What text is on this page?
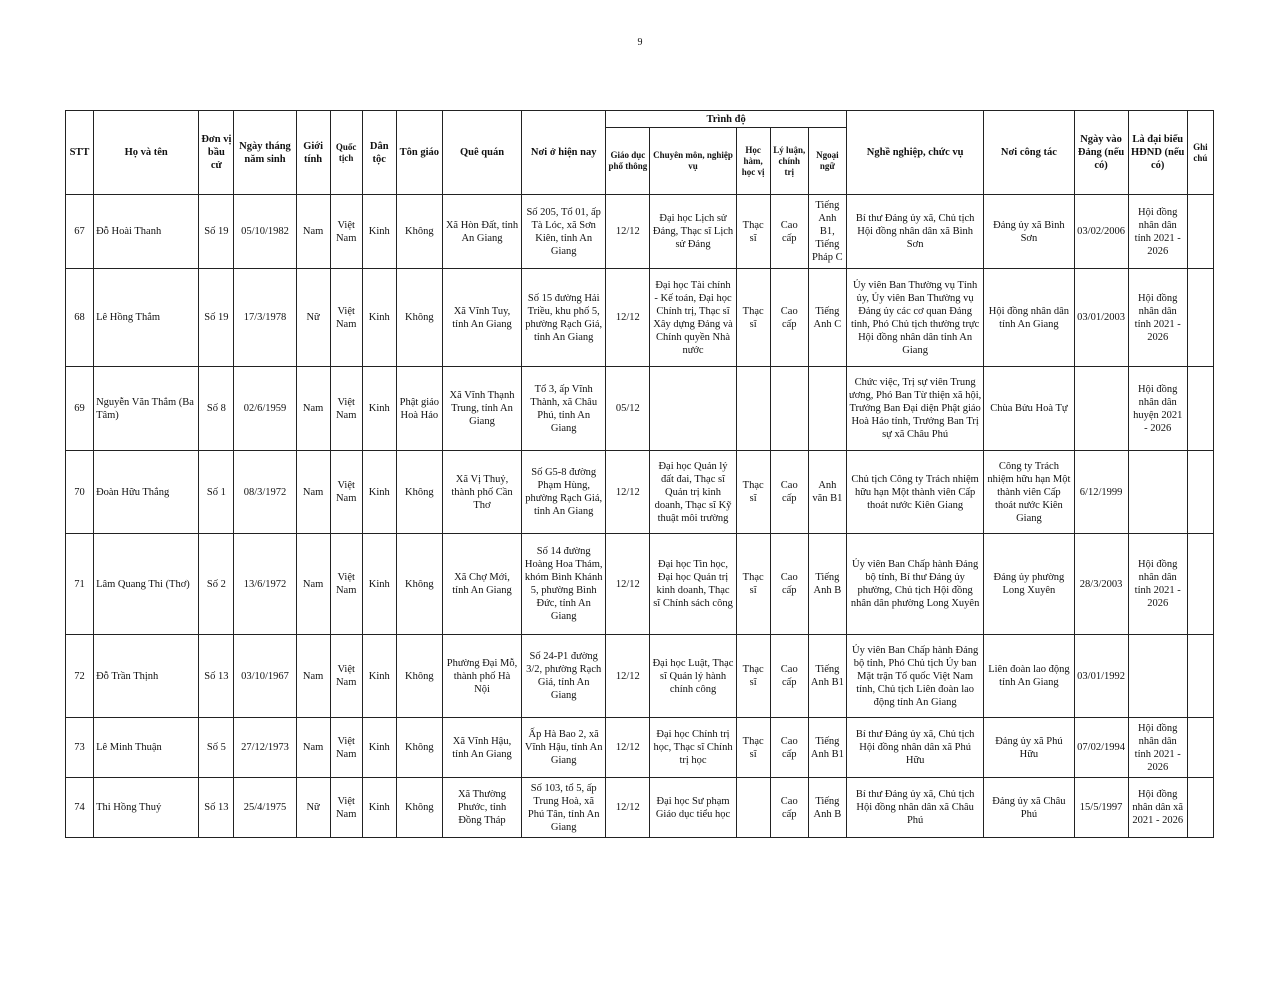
9
STT	Họ và tên	Đơn vị bầu cử	Ngày tháng năm sinh	Giới tính	Quốc tịch	Dân tộc	Tôn giáo	Quê quán	Nơi ở hiện nay	Trình độ					Nghề nghiệp, chức vụ	Nơi công tác	Ngày vào Đảng (nếu có)	Là đại biểu HĐND (nếu có)	Ghi chú
										Giáo dục phổ thông	Chuyên môn, nghiệp vụ	Học hàm, học vị	Lý luận, chính trị	Ngoại ngữ					
67	Đỗ Hoài Thanh	Số 19	05/10/1982	Nam	Việt Nam	Kinh	Không	Xã Hòn Đất, tỉnh An Giang	Số 205, Tổ 01, ấp Tà Lóc, xã Sơn Kiên, tỉnh An Giang	12/12	Đại học Lịch sử Đảng, Thạc sĩ Lịch sử Đảng	Thạc sĩ	Cao cấp	Tiếng Anh B1, Tiếng Pháp C	Bí thư Đảng ủy xã, Chủ tịch Hội đồng nhân dân xã Bình Sơn	Đảng ủy xã Bình Sơn	03/02/2006	Hội đồng nhân dân tỉnh 2021 - 2026	
68	Lê Hồng Thắm	Số 19	17/3/1978	Nữ	Việt Nam	Kinh	Không	Xã Vĩnh Tuy, tỉnh An Giang	Số 15 đường Hải Triều, khu phố 5, phường Rạch Giá, tỉnh An Giang	12/12	Đại học Tài chính - Kế toán, Đại học Chính trị, Thạc sĩ Xây dựng Đảng và Chính quyền Nhà nước	Thạc sĩ	Cao cấp	Tiếng Anh C	Ủy viên Ban Thường vụ Tỉnh ủy, Ủy viên Ban Thường vụ Đảng ủy các cơ quan Đảng tỉnh, Phó Chủ tịch thường trực Hội đồng nhân dân tỉnh An Giang	Hội đồng nhân dân tỉnh An Giang	03/01/2003	Hội đồng nhân dân tỉnh 2021 - 2026	
69	Nguyễn Văn Thắm (Ba Tâm)	Số 8	02/6/1959	Nam	Việt Nam	Kinh	Phật giáo Hoà Hảo	Xã Vĩnh Thạnh Trung, tỉnh An Giang	Tổ 3, ấp Vĩnh Thành, xã Châu Phú, tỉnh An Giang	05/12					Chức việc, Trị sự viên Trung ương, Phó Ban Từ thiện xã hội, Trưởng Ban Đại diện Phật giáo Hoà Hảo tỉnh, Trưởng Ban Trị sự xã Châu Phú	Chùa Bửu Hoà Tự		Hội đồng nhân dân huyện 2021 - 2026	
70	Đoàn Hữu Thắng	Số 1	08/3/1972	Nam	Việt Nam	Kinh	Không	Xã Vị Thuỷ, thành phố Cần Thơ	Số G5-8 đường Phạm Hùng, phường Rạch Giá, tỉnh An Giang	12/12	Đại học Quản lý đất đai, Thạc sĩ Quản trị kinh doanh, Thạc sĩ Kỹ thuật môi trường	Thạc sĩ	Cao cấp	Anh văn B1	Chủ tịch Công ty Trách nhiệm hữu hạn Một thành viên Cấp thoát nước Kiên Giang	Công ty Trách nhiệm hữu hạn Một thành viên Cấp thoát nước Kiên Giang	6/12/1999		
71	Lâm Quang Thi (Thơ)	Số 2	13/6/1972	Nam	Việt Nam	Kinh	Không	Xã Chợ Mới, tỉnh An Giang	Số 14 đường Hoàng Hoa Thám, khóm Bình Khánh 5, phường Bình Đức, tỉnh An Giang	12/12	Đại học Tin học, Đại học Quản trị kinh doanh, Thạc sĩ Chính sách công	Thạc sĩ	Cao cấp	Tiếng Anh B	Ủy viên Ban Chấp hành Đảng bộ tỉnh, Bí thư Đảng ủy phường, Chủ tịch Hội đồng nhân dân phường Long Xuyên	Đảng ủy phường Long Xuyên	28/3/2003	Hội đồng nhân dân tỉnh 2021 - 2026	
72	Đỗ Trần Thịnh	Số 13	03/10/1967	Nam	Việt Nam	Kinh	Không	Phường Đại Mỗ, thành phố Hà Nội	Số 24-P1 đường 3/2, phường Rạch Giá, tỉnh An Giang	12/12	Đại học Luật, Thạc sĩ Quản lý hành chính công	Thạc sĩ	Cao cấp	Tiếng Anh B1	Ủy viên Ban Chấp hành Đảng bộ tỉnh, Phó Chủ tịch Ủy ban Mặt trận Tổ quốc Việt Nam tỉnh, Chủ tịch Liên đoàn lao động tỉnh An Giang	Liên đoàn lao động tỉnh An Giang	03/01/1992		
73	Lê Minh Thuận	Số 5	27/12/1973	Nam	Việt Nam	Kinh	Không	Xã Vĩnh Hậu, tỉnh An Giang	Ấp Hà Bao 2, xã Vĩnh Hậu, tỉnh An Giang	12/12	Đại học Chính trị học, Thạc sĩ Chính trị học	Thạc sĩ	Cao cấp	Tiếng Anh B1	Bí thư Đảng ủy xã, Chủ tịch Hội đồng nhân dân xã Phú Hữu	Đảng ủy xã Phú Hữu	07/02/1994	Hội đồng nhân dân tỉnh 2021 - 2026	
74	Thi Hồng Thuý	Số 13	25/4/1975	Nữ	Việt Nam	Kinh	Không	Xã Thường Phước, tỉnh Đồng Tháp	Số 103, tổ 5, ấp Trung Hoà, xã Phú Tân, tỉnh An Giang	12/12	Đại học Sư phạm Giáo dục tiểu học		Cao cấp	Tiếng Anh B	Bí thư Đảng ủy xã, Chủ tịch Hội đồng nhân dân xã Châu Phú	Đảng ủy xã Châu Phú	15/5/1997	Hội đồng nhân dân xã 2021 - 2026	
